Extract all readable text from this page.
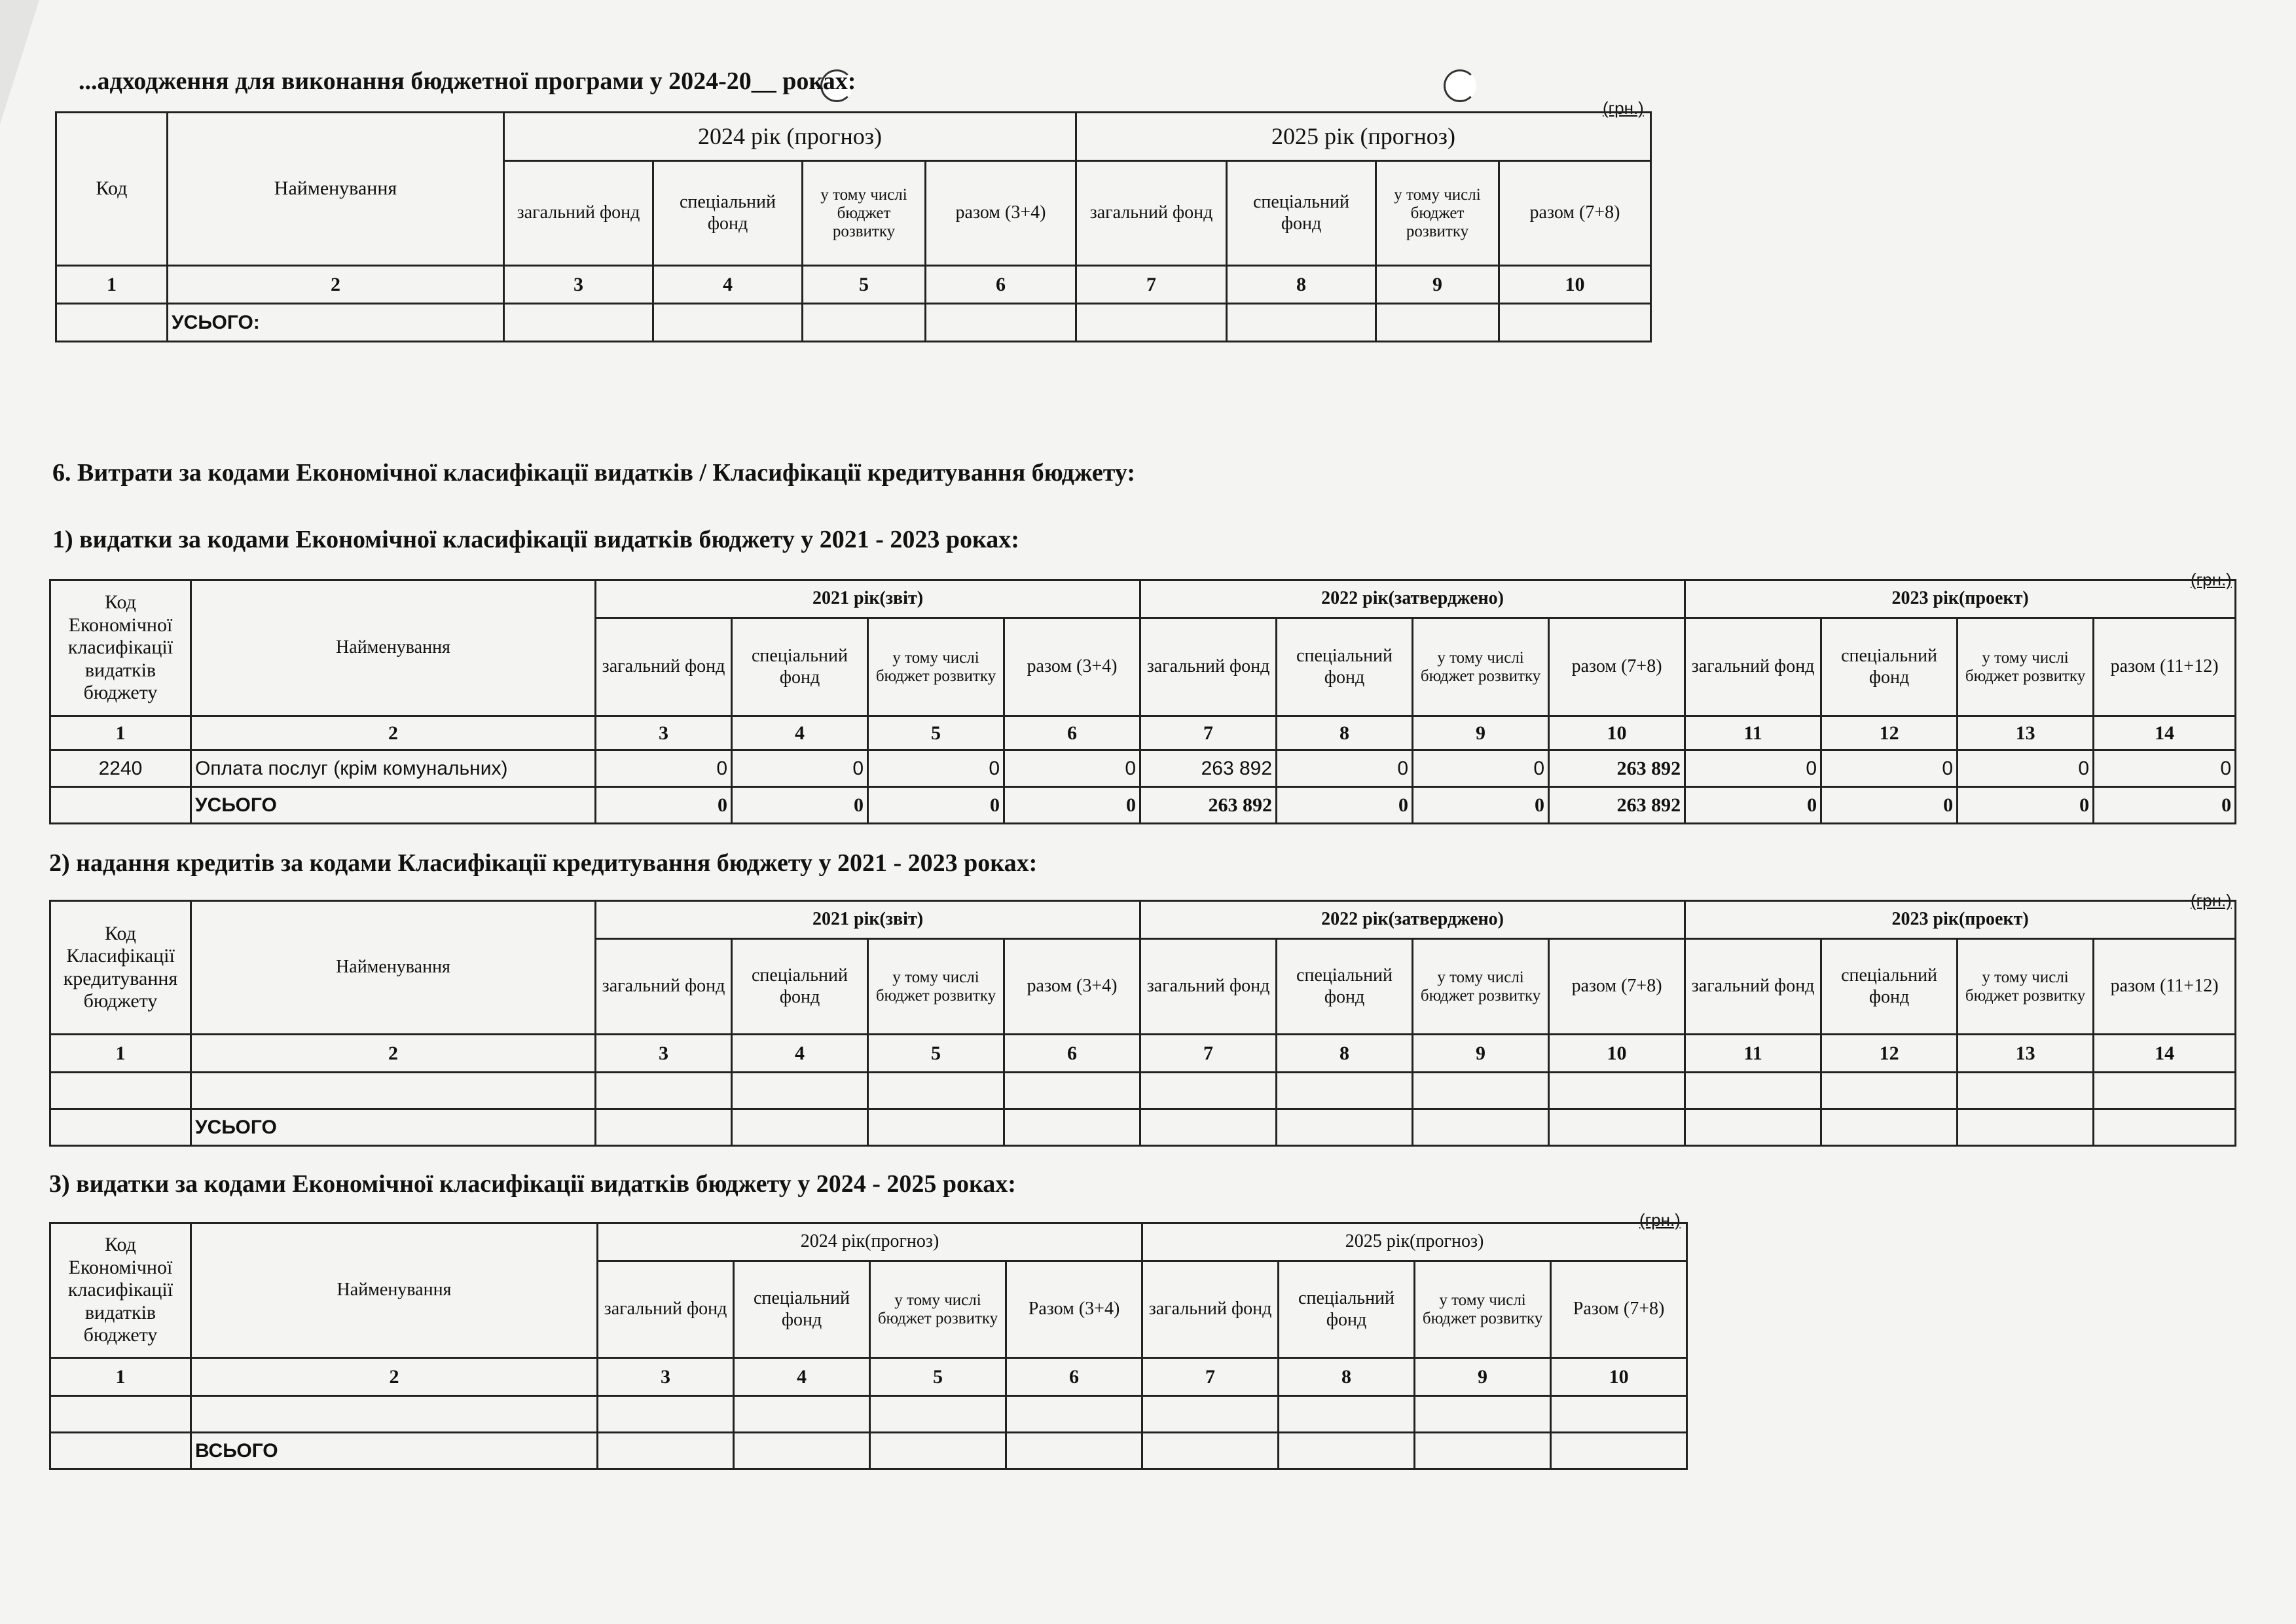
...адходження для виконання бюджетної програми у 2024-20__ роках:
(грн.)
Код	Найменування	2024 рік (прогноз)				2025 рік (прогноз)			
		загальний фонд	спеціальний фонд	у тому числі бюджет розвитку	разом (3+4)	загальний фонд	спеціальний фонд	у тому числі бюджет розвитку	разом (7+8)
1	2	3	4	5	6	7	8	9	10
	УСЬОГО:								
6. Витрати за кодами Економічної класифікації видатків / Класифікації кредитування бюджету:
1) видатки за кодами Економічної класифікації видатків бюджету у 2021 - 2023 роках:
(грн.)
Код Економічної класифікації видатків бюджету	Найменування	2021 рік(звіт)				2022 рік(затверджено)				2023 рік(проект)			
		загальний фонд	спеціальний фонд	у тому числі бюджет розвитку	разом (3+4)	загальний фонд	спеціальний фонд	у тому числі бюджет розвитку	разом (7+8)	загальний фонд	спеціальний фонд	у тому числі бюджет розвитку	разом (11+12)
1	2	3	4	5	6	7	8	9	10	11	12	13	14
2240	Оплата послуг (крім комунальних)	0	0	0	0	263 892	0	0	263 892	0	0	0	0
	УСЬОГО	0	0	0	0	263 892	0	0	263 892	0	0	0	0
2) надання кредитів за кодами Класифікації кредитування бюджету у 2021 - 2023 роках:
(грн.)
Код Класифікації кредитування бюджету	Найменування	2021 рік(звіт)				2022 рік(затверджено)				2023 рік(проект)			
		загальний фонд	спеціальний фонд	у тому числі бюджет розвитку	разом (3+4)	загальний фонд	спеціальний фонд	у тому числі бюджет розвитку	разом (7+8)	загальний фонд	спеціальний фонд	у тому числі бюджет розвитку	разом (11+12)
1	2	3	4	5	6	7	8	9	10	11	12	13	14

	УСЬОГО												
3) видатки за кодами Економічної класифікації видатків бюджету у 2024 - 2025 роках:
(грн.)
Код Економічної класифікації видатків бюджету	Найменування	2024 рік(прогноз)				2025 рік(прогноз)			
		загальний фонд	спеціальний фонд	у тому числі бюджет розвитку	Разом (3+4)	загальний фонд	спеціальний фонд	у тому числі бюджет розвитку	Разом (7+8)
1	2	3	4	5	6	7	8	9	10

	ВСЬОГО								
